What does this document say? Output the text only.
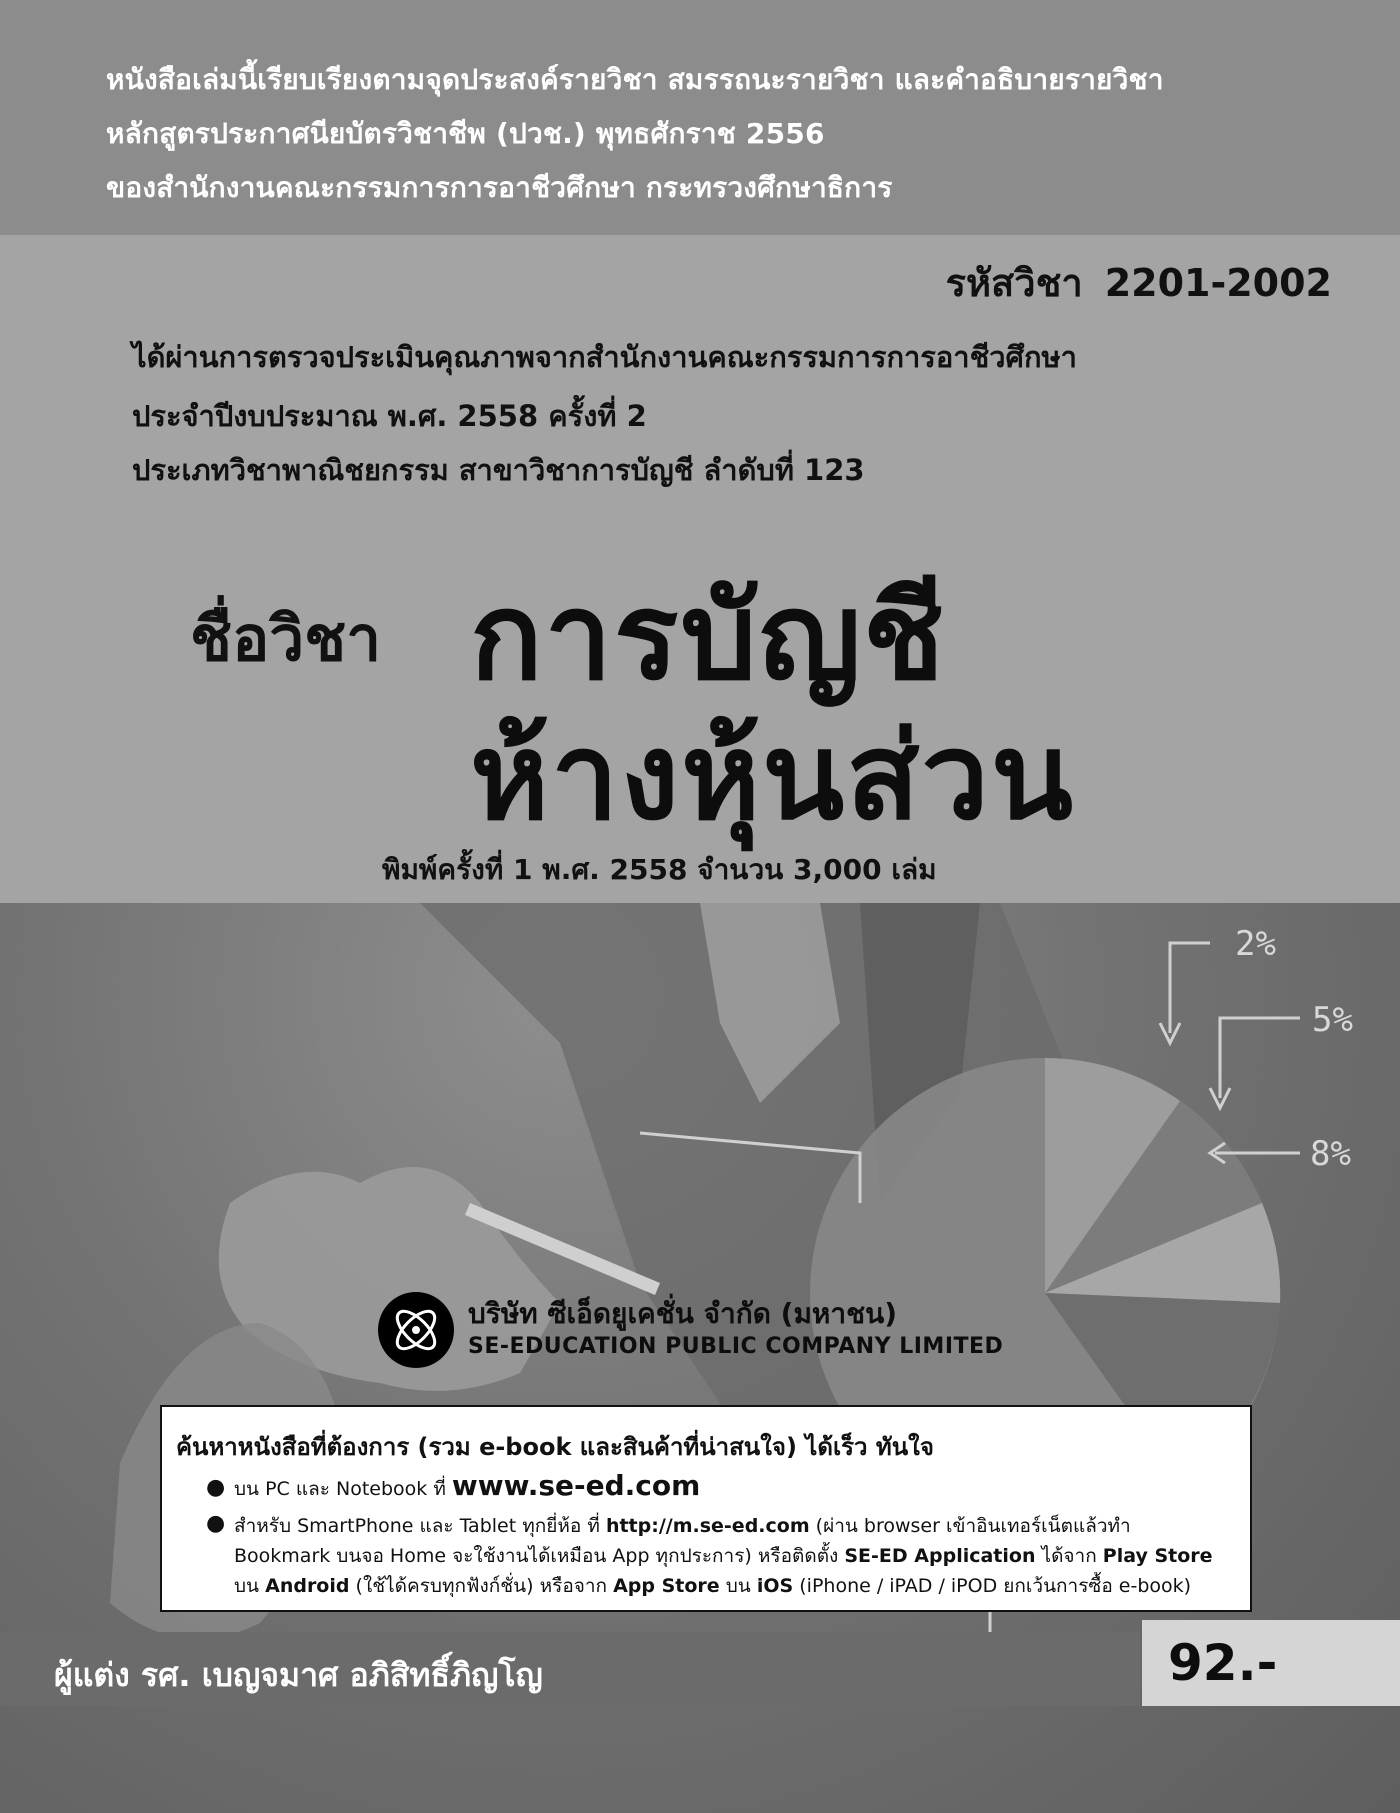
หนังสือเล่มนี้เรียบเรียงตามจุดประสงค์รายวิชา สมรรถนะรายวิชา และคำอธิบายรายวิชา
หลักสูตรประกาศนียบัตรวิชาชีพ (ปวช.) พุทธศักราช 2556
ของสำนักงานคณะกรรมการการอาชีวศึกษา กระทรวงศึกษาธิการ
รหัสวิชา 2201-2002
ได้ผ่านการตรวจประเมินคุณภาพจากสำนักงานคณะกรรมการการอาชีวศึกษา
ประจำปีงบประมาณ พ.ศ. 2558 ครั้งที่ 2
ประเภทวิชาพาณิชยกรรม สาขาวิชาการบัญชี ลำดับที่ 123
ชื่อวิชา การบัญชี
ห้างหุ้นส่วน
พิมพ์ครั้งที่ 1 พ.ศ. 2558 จำนวน 3,000 เล่ม
2%
5%
8%
บริษัท ซีเอ็ดยูเคชั่น จำกัด (มหาชน)
SE-EDUCATION PUBLIC COMPANY LIMITED
ค้นหาหนังสือที่ต้องการ (รวม e-book และสินค้าที่น่าสนใจ) ได้เร็ว ทันใจ
● บน PC และ Notebook ที่ www.se-ed.com
● สำหรับ SmartPhone และ Tablet ทุกยี่ห้อ ที่ http://m.se-ed.com (ผ่าน browser เข้าอินเทอร์เน็ตแล้วทำ
Bookmark บนจอ Home จะใช้งานได้เหมือน App ทุกประการ) หรือติดตั้ง SE-ED Application ได้จาก Play Store
บน Android (ใช้ได้ครบทุกฟังก์ชั่น) หรือจาก App Store บน iOS (iPhone / iPAD / iPOD ยกเว้นการซื้อ e-book)
ผู้แต่ง รศ. เบญจมาศ อภิสิทธิ์ภิญโญ	92.-
